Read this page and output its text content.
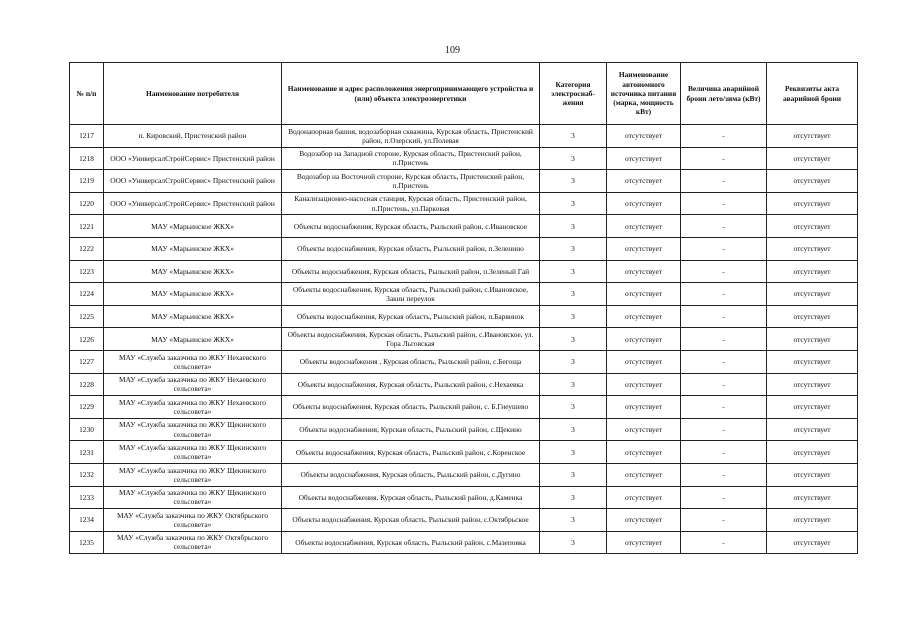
109
№ п/п	Наименование потребителя	Наименование и адрес расположения энергопринимающего устройства и (или) объекта электроэнергетики	Категория электроснаб-жения	Наименование автономного источника питания (марка, мощность кВт)	Величина аварийной брони лето/зима (кВт)	Реквизиты акта аварийной брони
1217	п. Кировский, Пристенский район	Водонапорная башня, водозаборная скважина, Курская область, Пристенский район, п.Озерский, ул.Полевая	3	отсутствует	-	отсутствует
1218	ООО «УниверсалСтройСервис» Пристенский район	Водозабор на Западной стороне, Курская область, Пристенский район, п.Пристень	3	отсутствует	-	отсутствует
1219	ООО «УниверсалСтройСервис» Пристенский район	Водозабор на Восточной стороне, Курская область, Пристенский район, п.Пристень	3	отсутствует	-	отсутствует
1220	ООО «УниверсалСтройСервис» Пристенский район	Канализационно-насосная станция, Курская область, Пристенский район, п.Пристень, ул.Парковая	3	отсутствует	-	отсутствует
1221	МАУ «Марьинское ЖКХ»	Объекты водоснабжения, Курская область, Рыльский район, с.Ивановское	3	отсутствует	-	отсутствует
1222	МАУ «Марьинское ЖКХ»	Объекты водоснабжения, Курская область, Рыльский район, п.Зеленино	3	отсутствует	-	отсутствует
1223	МАУ «Марьинское ЖКХ»	Объекты водоснабжения, Курская область, Рыльский район, п.Зеленый Гай	3	отсутствует	-	отсутствует
1224	МАУ «Марьинское ЖКХ»	Объекты водоснабжения, Курская область, Рыльский район, с.Ивановское, Закин переулок	3	отсутствует	-	отсутствует
1225	МАУ «Марьинское ЖКХ»	Объекты водоснабжения, Курская область, Рыльский район, п.Барвинок	3	отсутствует	-	отсутствует
1226	МАУ «Марьинское ЖКХ»	Объекты водоснабжения, Курская область, Рыльский район, с.Ивановское, ул. Гора Льговская	3	отсутствует	-	отсутствует
1227	МАУ «Служба заказчика по ЖКУ Нехаевского сельсовета»	Объекты водоснабжения , Курская область, Рыльский район, с.Бегоща	3	отсутствует	-	отсутствует
1228	МАУ «Служба заказчика по ЖКУ Нехаевского сельсовета»	Объекты водоснабжения, Курская область, Рыльский район, с.Нехаевка	3	отсутствует	-	отсутствует
1229	МАУ «Служба заказчика по ЖКУ Нехаевского сельсовета»	Объекты водоснабжения, Курская область, Рыльский район, с. Б.Гнеушево	3	отсутствует	-	отсутствует
1230	МАУ «Служба заказчика по ЖКУ Щекинского сельсовета»	Объекты водоснабжения, Курская область, Рыльский район, с.Щекино	3	отсутствует	-	отсутствует
1231	МАУ «Служба заказчика по ЖКУ Щекинского сельсовета»	Объекты водоснабжения, Курская область, Рыльский район, с.Коренское	3	отсутствует	-	отсутствует
1232	МАУ «Служба заказчика по ЖКУ Щекинского сельсовета»	Объекты водоснабжения, Курская область, Рыльский район, с.Дугино	3	отсутствует	-	отсутствует
1233	МАУ «Служба заказчика по ЖКУ Щекинского сельсовета»	Объекты водоснабжения, Курская область, Рыльский район, д.Каменка	3	отсутствует	-	отсутствует
1234	МАУ «Служба заказчика по ЖКУ Октябрьского сельсовета»	Объекты водоснабжения, Курская область, Рыльский район, с.Октябрьское	3	отсутствует	-	отсутствует
1235	МАУ «Служба заказчика по ЖКУ Октябрьского сельсовета»	Объекты водоснабжения, Курская область, Рыльский район, с.Мазеповка	3	отсутствует	-	отсутствует
